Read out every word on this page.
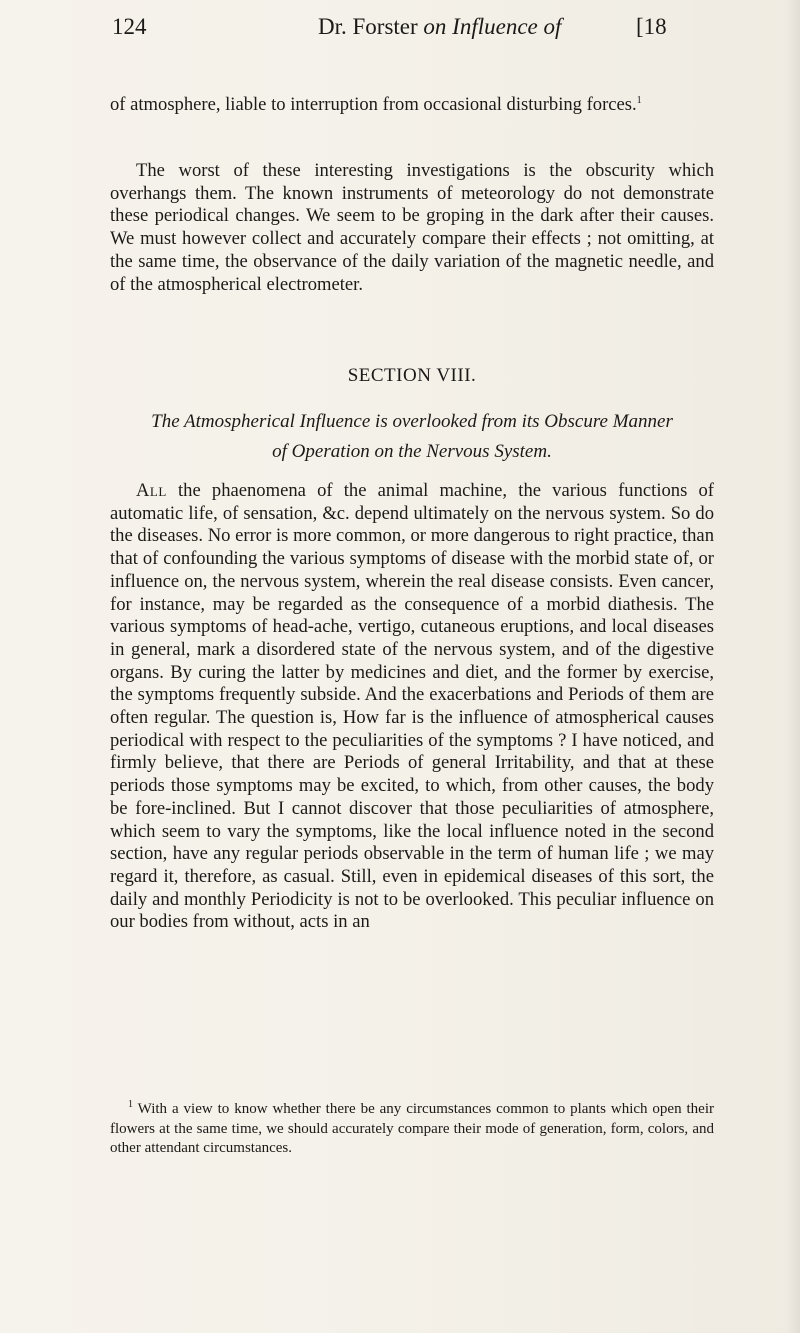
124	Dr. Forster on Influence of	[18

of atmosphere, liable to interruption from occasional disturbing forces.$^1$

The worst of these interesting investigations is the obscurity which overhangs them. The known instruments of meteorology do not demonstrate these periodical changes. We seem to be groping in the dark after their causes. We must however collect and accurately compare their effects ; not omitting, at the same time, the observance of the daily variation of the magnetic needle, and of the atmospherical electrometer.

SECTION VIII.
The Atmospherical Influence is overlooked from its Obscure Manner
of Operation on the Nervous System.

All the phaenomena of the animal machine, the various functions of automatic life, of sensation, &c. depend ultimately on the nervous system. So do the diseases. No error is more common, or more dangerous to right practice, than that of confounding the various symptoms of disease with the morbid state of, or influence on, the nervous system, wherein the real disease consists. Even cancer, for instance, may be regarded as the consequence of a morbid diathesis. The various symptoms of head-ache, vertigo, cutaneous eruptions, and local diseases in general, mark a disordered state of the nervous system, and of the digestive organs. By curing the latter by medicines and diet, and the former by exercise, the symptoms frequently subside. And the exacerbations and Periods of them are often regular. The question is, How far is the influence of atmospherical causes periodical with respect to the peculiarities of the symptoms ? I have noticed, and firmly believe, that there are Periods of general Irritability, and that at these periods those symptoms may be excited, to which, from other causes, the body be fore-inclined. But I cannot discover that those peculiarities of atmosphere, which seem to vary the symptoms, like the local influence noted in the second section, have any regular periods observable in the term of human life ; we may regard it, therefore, as casual. Still, even in epidemical diseases of this sort, the daily and monthly Periodicity is not to be overlooked. This peculiar influence on our bodies from without, acts in an

$^1$ With a view to know whether there be any circumstances common to plants which open their flowers at the same time, we should accurately compare their mode of generation, form, colors, and other attendant circumstances.
